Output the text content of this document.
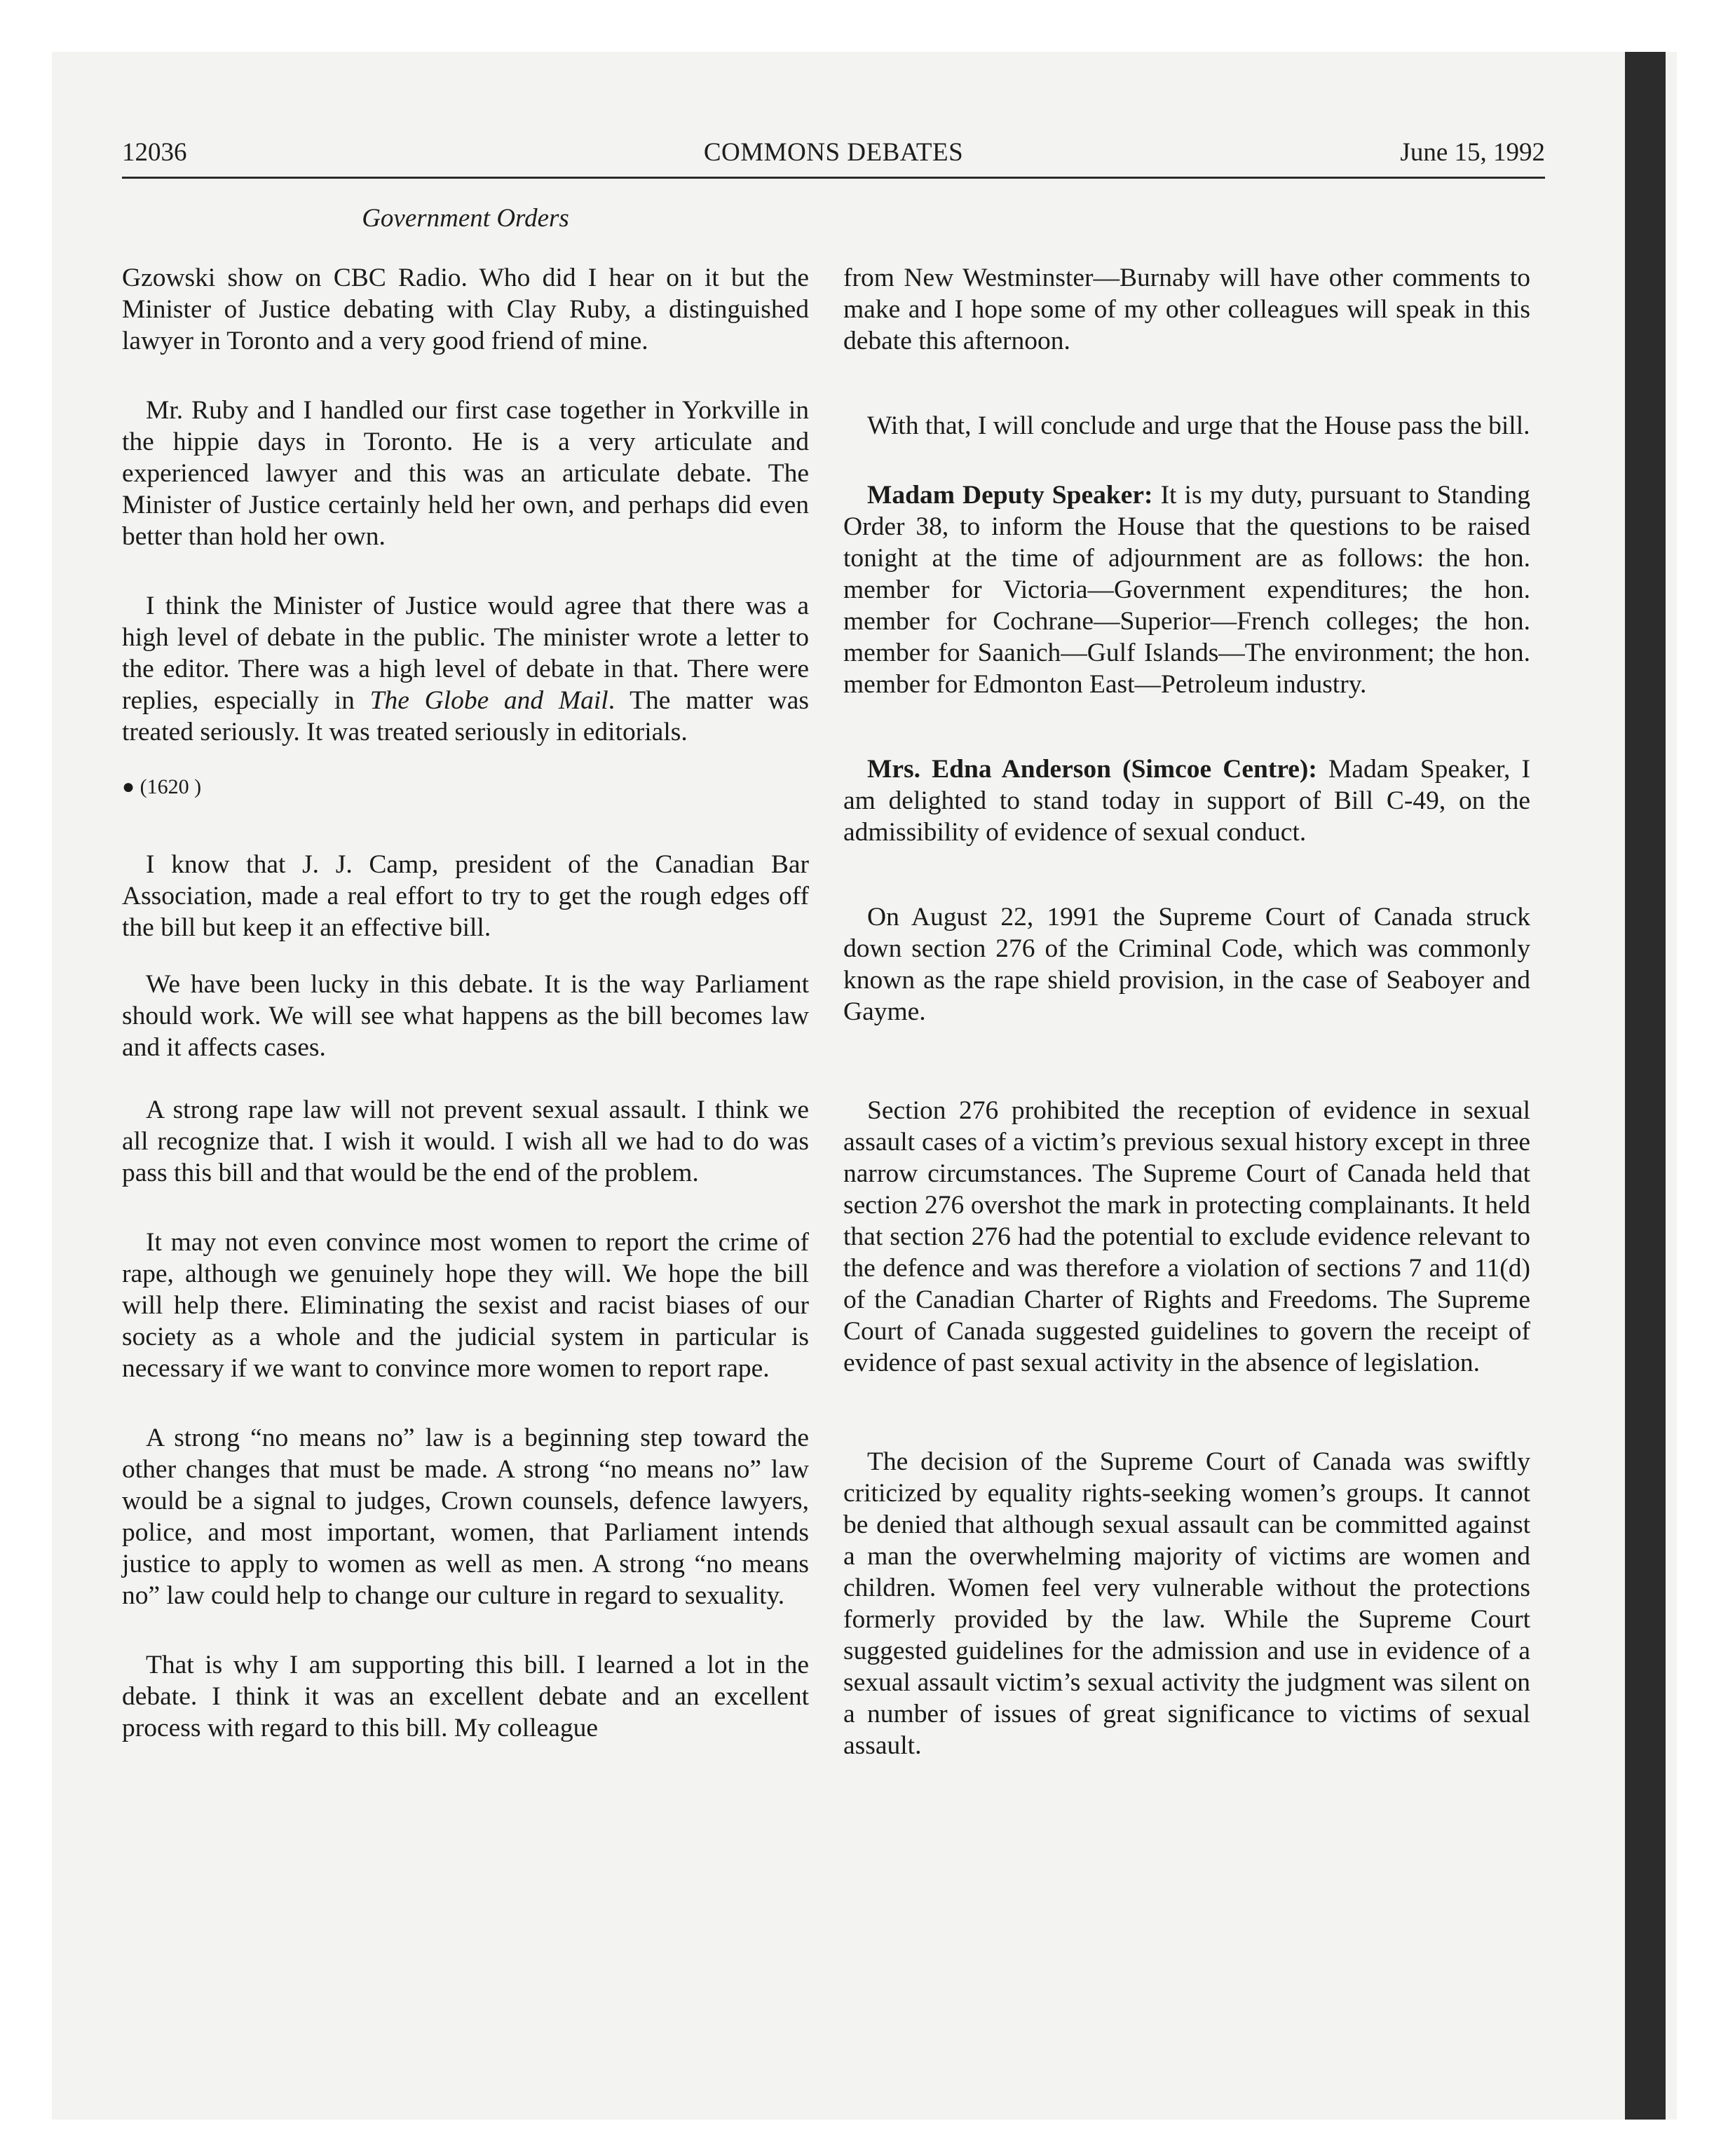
12036	COMMONS DEBATES	June 15, 1992
Government Orders

Gzowski show on CBC Radio. Who did I hear on it but the Minister of Justice debating with Clay Ruby, a distinguished lawyer in Toronto and a very good friend of mine.

Mr. Ruby and I handled our first case together in Yorkville in the hippie days in Toronto. He is a very articulate and experienced lawyer and this was an articulate debate. The Minister of Justice certainly held her own, and perhaps did even better than hold her own.

I think the Minister of Justice would agree that there was a high level of debate in the public. The minister wrote a letter to the editor. There was a high level of debate in that. There were replies, especially in The Globe and Mail. The matter was treated seriously. It was treated seriously in editorials.

● (1620 )

I know that J. J. Camp, president of the Canadian Bar Association, made a real effort to try to get the rough edges off the bill but keep it an effective bill.

We have been lucky in this debate. It is the way Parliament should work. We will see what happens as the bill becomes law and it affects cases.

A strong rape law will not prevent sexual assault. I think we all recognize that. I wish it would. I wish all we had to do was pass this bill and that would be the end of the problem.

It may not even convince most women to report the crime of rape, although we genuinely hope they will. We hope the bill will help there. Eliminating the sexist and racist biases of our society as a whole and the judicial system in particular is necessary if we want to convince more women to report rape.

A strong “no means no” law is a beginning step toward the other changes that must be made. A strong “no means no” law would be a signal to judges, Crown counsels, defence lawyers, police, and most important, women, that Parliament intends justice to apply to women as well as men. A strong “no means no” law could help to change our culture in regard to sexuality.

That is why I am supporting this bill. I learned a lot in the debate. I think it was an excellent debate and an excellent process with regard to this bill. My colleague

from New Westminster—Burnaby will have other comments to make and I hope some of my other colleagues will speak in this debate this afternoon.

With that, I will conclude and urge that the House pass the bill.

Madam Deputy Speaker: It is my duty, pursuant to Standing Order 38, to inform the House that the questions to be raised tonight at the time of adjournment are as follows: the hon. member for Victoria—Government expenditures; the hon. member for Cochrane—Superior—French colleges; the hon. member for Saanich—Gulf Islands—The environment; the hon. member for Edmonton East—Petroleum industry.

Mrs. Edna Anderson (Simcoe Centre): Madam Speaker, I am delighted to stand today in support of Bill C-49, on the admissibility of evidence of sexual conduct.

On August 22, 1991 the Supreme Court of Canada struck down section 276 of the Criminal Code, which was commonly known as the rape shield provision, in the case of Seaboyer and Gayme.

Section 276 prohibited the reception of evidence in sexual assault cases of a victim’s previous sexual history except in three narrow circumstances. The Supreme Court of Canada held that section 276 overshot the mark in protecting complainants. It held that section 276 had the potential to exclude evidence relevant to the defence and was therefore a violation of sections 7 and 11(d) of the Canadian Charter of Rights and Freedoms. The Supreme Court of Canada suggested guidelines to govern the receipt of evidence of past sexual activity in the absence of legislation.

The decision of the Supreme Court of Canada was swiftly criticized by equality rights-seeking women’s groups. It cannot be denied that although sexual assault can be committed against a man the overwhelming majority of victims are women and children. Women feel very vulnerable without the protections formerly provided by the law. While the Supreme Court suggested guidelines for the admission and use in evidence of a sexual assault victim’s sexual activity the judgment was silent on a number of issues of great significance to victims of sexual assault.
